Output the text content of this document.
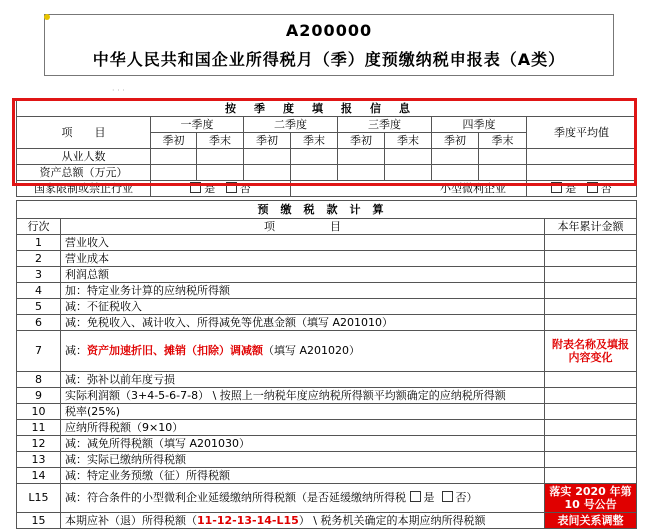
A200000
中华人民共和国企业所得税月（季）度预缴纳税申报表（A类）
· · ·
按季度填报信息									
项　　目	一季度		二季度		三季度		四季度		季度平均值
	季初	季末	季初	季末	季初	季末	季初	季末	
从业人数									
资产总额（万元）									
国家限制或禁止行业	是 否			小型微利企业					是 否
预缴税款计算		
行次	项　　　　　目	本年累计金额
1	营业收入	
2	营业成本	
3	利润总额	
4	加：特定业务计算的应纳税所得额	
5	减：不征税收入	
6	减：免税收入、减计收入、所得减免等优惠金额（填写 A201010）	
7	减：资产加速折旧、摊销（扣除）调减额（填写 A201020）	附表名称及填报内容变化
8	减：弥补以前年度亏损	
9	实际利润额（3+4-5-6-7-8） \ 按照上一纳税年度应纳税所得额平均额确定的应纳税所得额	
10	税率(25%)	
11	应纳所得税额（9×10）	
12	减：减免所得税额（填写 A201030）	
13	减：实际已缴纳所得税额	
14	减：特定业务预缴（征）所得税额	
L15	减：符合条件的小型微利企业延缓缴纳所得税额（是否延缓缴纳所得税 是 否）	落实 2020 年第 10 号公告
15	本期应补（退）所得税额（11-12-13-14-L15） \ 税务机关确定的本期应纳所得税额	表间关系调整
